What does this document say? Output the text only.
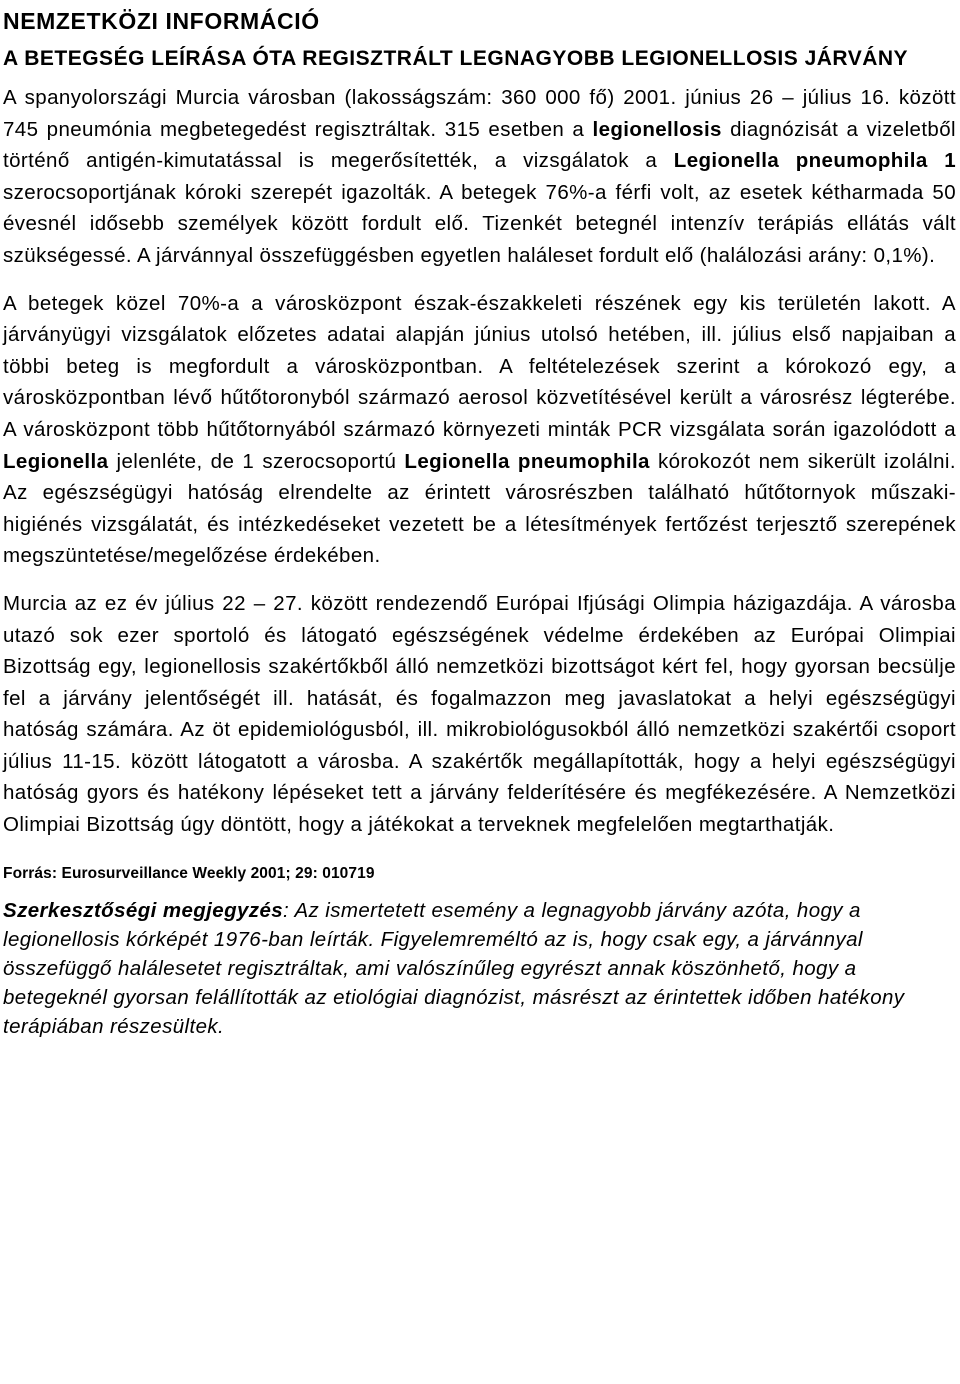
NEMZETKÖZI INFORMÁCIÓ
A BETEGSÉG LEÍRÁSA ÓTA REGISZTRÁLT LEGNAGYOBB LEGIONELLOSIS JÁRVÁNY

A spanyolországi Murcia városban (lakosságszám: 360 000 fő) 2001. június 26 – július 16. között 745 pneumónia megbetegedést regisztráltak. 315 esetben a legionellosis diagnózisát a vizeletből történő antigén-kimutatással is megerősítették, a vizsgálatok a Legionella pneumophila 1 szerocsoportjának kóroki szerepét igazolták. A betegek 76%-a férfi volt, az esetek kétharmada 50 évesnél idősebb személyek között fordult elő. Tizenkét betegnél intenzív terápiás ellátás vált szükségessé. A járvánnyal összefüggésben egyetlen haláleset fordult elő (halálozási arány: 0,1%).

A betegek közel 70%-a a városközpont észak-északkeleti részének egy kis területén lakott. A járványügyi vizsgálatok előzetes adatai alapján június utolsó hetében, ill. július első napjaiban a többi beteg is megfordult a városközpontban. A feltételezések szerint a kórokozó egy, a városközpontban lévő hűtőtoronyból származó aerosol közvetítésével került a városrész légterébe. A városközpont több hűtőtornyából származó környezeti minták PCR vizsgálata során igazolódott a Legionella jelenléte, de 1 szerocsoportú Legionella pneumophila kórokozót nem sikerült izolálni. Az egészségügyi hatóság elrendelte az érintett városrészben található hűtőtornyok műszaki-higiénés vizsgálatát, és intézkedéseket vezetett be a létesítmények fertőzést terjesztő szerepének megszüntetése/megelőzése érdekében.

Murcia az ez év július 22 – 27. között rendezendő Európai Ifjúsági Olimpia házigazdája. A városba utazó sok ezer sportoló és látogató egészségének védelme érdekében az Európai Olimpiai Bizottság egy, legionellosis szakértőkből álló nemzetközi bizottságot kért fel, hogy gyorsan becsülje fel a járvány jelentőségét ill. hatását, és fogalmazzon meg javaslatokat a helyi egészségügyi hatóság számára. Az öt epidemiológusból, ill. mikrobiológusokból álló nemzetközi szakértői csoport július 11-15. között látogatott a városba. A szakértők megállapították, hogy a helyi egészségügyi hatóság gyors és hatékony lépéseket tett a járvány felderítésére és megfékezésére. A Nemzetközi Olimpiai Bizottság úgy döntött, hogy a játékokat a terveknek megfelelően megtarthatják.

Forrás: Eurosurveillance Weekly 2001; 29: 010719
Szerkesztőségi megjegyzés: Az ismertetett esemény a legnagyobb járvány azóta, hogy a legionellosis kórképét 1976-ban leírták. Figyelemreméltó az is, hogy csak egy, a járvánnyal összefüggő halálesetet regisztráltak, ami valószínűleg egyrészt annak köszönhető, hogy a betegeknél gyorsan felállították az etiológiai diagnózist, másrészt az érintettek időben hatékony terápiában részesültek.
